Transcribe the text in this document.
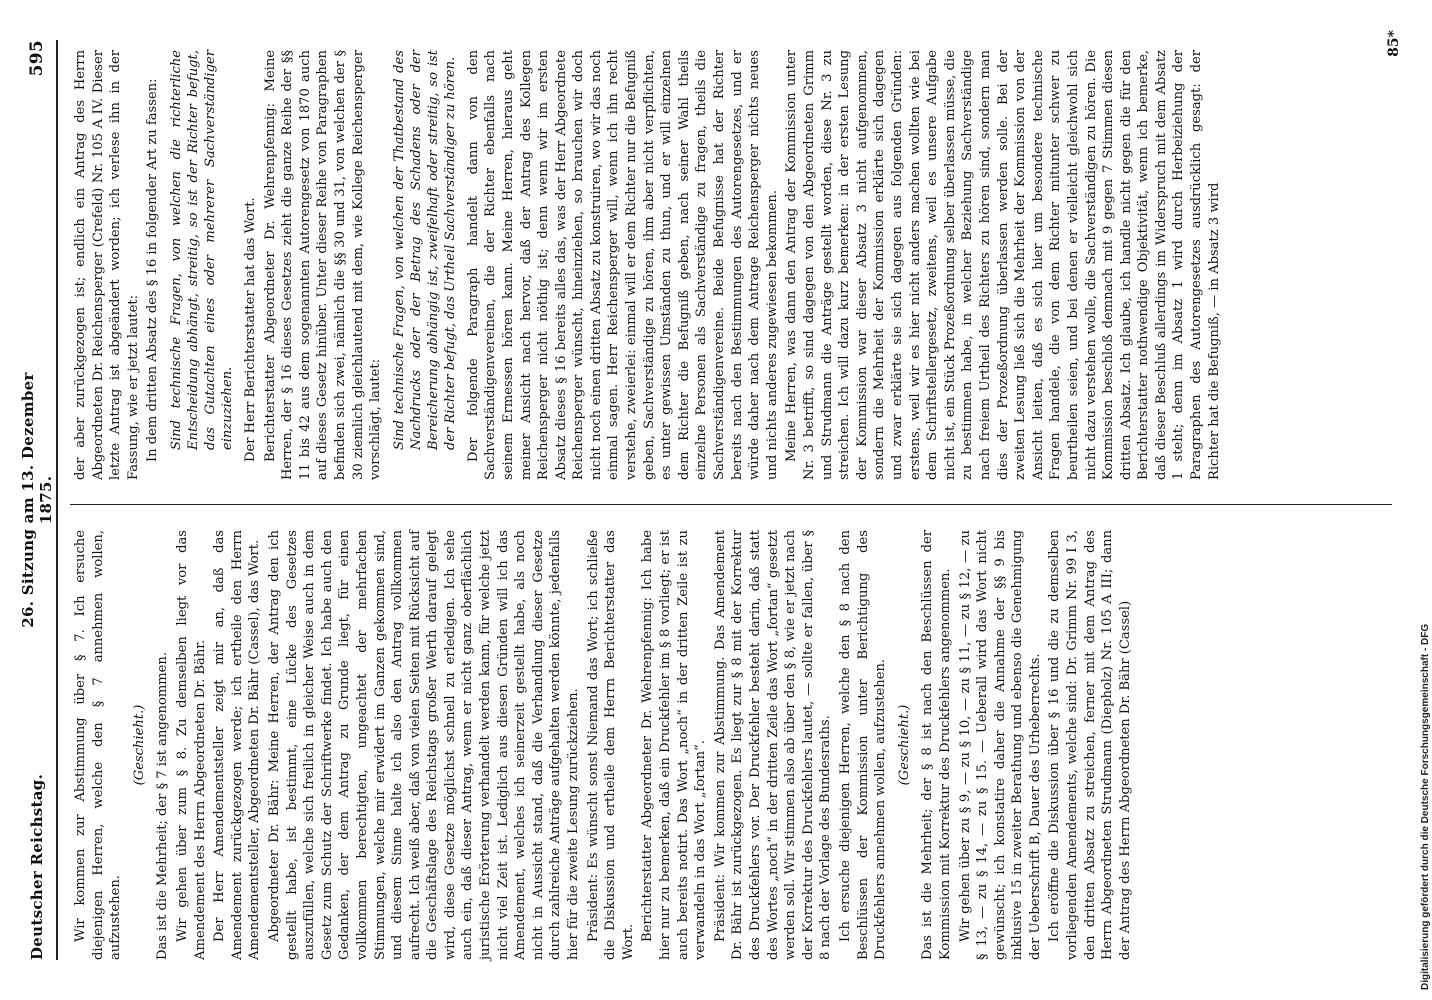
Deutscher Reichstag.
26. Sitzung am 13. Dezember 1875.
595
Wir kommen zur Abstimmung über § 7. Ich ersuche diejenigen Herren, welche den § 7 annehmen wollen, aufzustehen.
(Geschieht.) Das ist die Mehrheit; der § 7 ist angenommen. Wir gehen über zum § 8. Zu demselben liegt vor das Amendement des Herrn Abgeordneten Dr. Bähr. Der Herr Amendementsteller zeigt mir an, daß das Amendement zurückgezogen werde; ich ertheile den Herrn Amendementsteller, Abgeordneten Dr. Bähr (Cassel), das Wort. Abgeordneter Dr. Bähr: Meine Herren, der Antrag den ich gestellt habe, ist bestimmt, eine Lücke des Gesetzes auszufüllen, welche sich freilich in gleicher Weise auch in dem Gesetz zum Schutz der Schriftwerke findet. Ich habe auch den Gedanken, der dem Antrag zu Grunde liegt, für einen vollkommen berechtigten, ungeachtet der mehrfachen Stimmungen, welche mir erwidert im Ganzen gekommen sind, und diesem Sinne halte ich also den Antrag vollkommen aufrecht. Ich weiß aber, daß von vielen Seiten mit Rücksicht auf die Geschäftslage des Reichstags großer Werth darauf gelegt wird, diese Gesetze möglichst schnell zu erledigen. Ich sehe auch ein, daß dieser Antrag, wenn er nicht ganz oberflächlich juristische Erörterung verhandelt werden kann, für welche jetzt nicht viel Zeit ist. Lediglich aus diesen Gründen will ich das Amendement, welches ich seinerzeit gestellt habe, als noch nicht in Aussicht stand, daß die Verhandlung dieser Gesetze durch zahlreiche Anträge aufgehalten werden könnte, jedenfalls hier für die zweite Lesung zurückziehen. Präsident: Es wünscht sonst Niemand das Wort; ich schließe die Diskussion und ertheile dem Herrn Berichterstatter das Wort. Berichterstatter Abgeordneter Dr. Wehrenpfennig: Ich habe hier nur zu bemerken, daß ein Druckfehler im § 8 vorliegt; er ist auch bereits notirt. Das Wort „noch“ in der dritten Zeile ist zu verwandeln in das Wort „fortan“. Präsident: Wir kommen zur Abstimmung. Das Amendement Dr. Bähr ist zurückgezogen. Es liegt zur § 8 mit der Korrektur des Druckfehlers vor. Der Druckfehler besteht darin, daß statt des Wortes „noch“ in der dritten Zeile das Wort „fortan“ gesetzt werden soll. Wir stimmen also ab über den § 8, wie er jetzt nach der Korrektur des Druckfehlers lautet, — sollte er fallen, über § 8 nach der Vorlage des Bundesraths. Ich ersuche diejenigen Herren, welche den § 8 nach den Beschlüssen der Kommission unter Berichtigung des Druckfehlers annehmen wollen, aufzustehen. (Geschieht.) Das ist die Mehrheit; der § 8 ist nach den Beschlüssen der Kommission mit Korrektur des Druckfehlers angenommen. Wir gehen über zu § 9, — zu § 10, — zu § 11, — zu § 12, — zu § 13, — zu § 14, — zu § 15. — Ueberall wird das Wort nicht gewünscht; ich konstatire daher die Annahme der §§ 9 bis inklusive 15 in zweiter Berathung und ebenso die Genehmigung der Ueberschrift B, Dauer des Urheberrechts. Ich eröffne die Diskussion über § 16 und die zu demselben vorliegenden Amendements, welche sind: Dr. Grimm Nr. 99 I 3, den dritten Absatz zu streichen, ferner mit dem Antrag des Herrn Abgeordneten Strudmann (Diepholz) Nr. 105 A III; dann der Antrag des Herrn Abgeordneten Dr. Bähr (Cassel)
der aber zurückgezogen ist; endlich ein Antrag des Herrn Abgeordneten Dr. Reichensperger (Crefeld) Nr. 105 A IV. Dieser letzte Antrag ist abgeändert worden; ich verlese ihn in der Fassung, wie er jetzt lautet: In dem dritten Absatz des § 16 in folgender Art zu fassen: Sind technische Fragen, von welchen die richterliche Entscheidung abhängt, streitig, so ist der Richter befugt, das Gutachten eines oder mehrerer Sachverständiger einzuziehen. Der Herr Berichterstatter hat das Wort. Berichterstatter Abgeordneter Dr. Wehrenpfennig: Meine Herren, der § 16 dieses Gesetzes zieht die ganze Reihe der §§ 11 bis 42 aus dem sogenannten Autorengesetz von 1870 auch auf dieses Gesetz hinüber. Unter dieser Reihe von Paragraphen befinden sich zwei, nämlich die §§ 30 und 31, von welchen der § 30 ziemlich gleichlautend mit dem, wie Kollege Reichensperger vorschlägt, lautet: Sind technische Fragen, von welchen der Thatbestand des Nachdrucks oder der Betrag des Schadens oder der Bereicherung abhängig ist, zweifelhaft oder streitig, so ist der Richter befugt, das Urtheil Sachverständiger zu hören. Der folgende Paragraph handelt dann von den Sachverständigenvereinen, die der Richter ebenfalls nach seinem Ermessen hören kann. Meine Herren, hieraus geht meiner Ansicht nach hervor, daß der Antrag des Kollegen Reichensperger nicht nöthig ist; denn wenn wir im ersten Absatz dieses § 16 bereits alles das, was der Herr Abgeordnete Reichensperger wünscht, hineinziehen, so brauchen wir doch nicht noch einen dritten Absatz zu konstruiren, wo wir das noch einmal sagen. Herr Reichensperger will, wenn ich ihn recht verstehe, zweierlei: einmal will er dem Richter nur die Befugniß geben, Sachverständige zu hören, ihm aber nicht verpflichten, es unter gewissen Umständen zu thun, und er will einzelnen dem Richter die Befugniß geben, nach seiner Wahl theils einzelne Personen als Sachverständige zu fragen, theils die Sachverständigenvereine. Beide Befugnisse hat der Richter bereits nach den Bestimmungen des Autorengesetzes, und er würde daher nach dem Antrage Reichensperger nichts neues und nichts anderes zugewiesen bekommen. Meine Herren, was dann den Antrag der Kommission unter Nr. 3 betrifft, so sind dagegen von den Abgeordneten Grimm und Strudmann die Anträge gestellt worden, diese Nr. 3 zu streichen. Ich will dazu kurz bemerken: in der ersten Lesung der Kommission war dieser Absatz 3 nicht aufgenommen, sondern die Mehrheit der Kommission erklärte sich dagegen und zwar erklärte sie sich dagegen aus folgenden Gründen: erstens, weil wir es hier nicht anders machen wollten wie bei dem Schriftstellergesetz, zweitens, weil es unsere Aufgabe nicht ist, ein Stück Prozeßordnung selber überlassen müsse, die zu bestimmen habe, in welcher Beziehung Sachverständige nach freiem Urtheil des Richters zu hören sind, sondern man dies der Prozeßordnung überlassen werden solle. Bei der zweiten Lesung ließ sich die Mehrheit der Kommission von der Ansicht leiten, daß es sich hier um besondere technische Fragen handele, die von dem Richter mitunter schwer zu beurtheilen seien, und bei denen er vielleicht gleichwohl sich nicht dazu verstehen wolle, die Sachverständigen zu hören. Die Kommission beschloß demnach mit 9 gegen 7 Stimmen diesen dritten Absatz. Ich glaube, ich handle nicht gegen die für den Berichterstatter nothwendige Objektivität, wenn ich bemerke, daß dieser Beschluß allerdings im Widerspruch mit dem Absatz 1 steht; denn im Absatz 1 wird durch Herbeiziehung der Paragraphen des Autorengesetzes ausdrücklich gesagt: der Richter hat die Befugniß, — in Absatz 3 wird
85*
Digitalisierung gefördert durch die Deutsche Forschungsgemeinschaft - DFG
